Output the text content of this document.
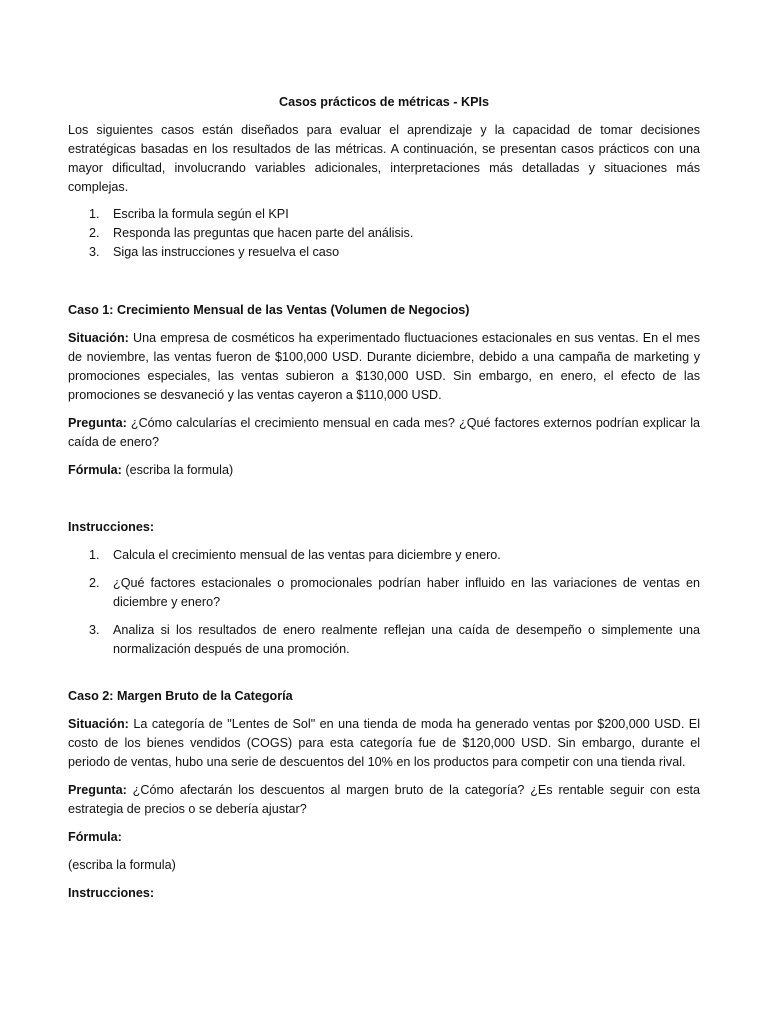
Casos prácticos de métricas - KPIs

Los siguientes casos están diseñados para evaluar el aprendizaje y la capacidad de tomar decisiones estratégicas basadas en los resultados de las métricas. A continuación, se presentan casos prácticos con una mayor dificultad, involucrando variables adicionales, interpretaciones más detalladas y situaciones más complejas.

1. Escriba la formula según el KPI
2. Responda las preguntas que hacen parte del análisis.
3. Siga las instrucciones y resuelva el caso
Caso 1: Crecimiento Mensual de las Ventas (Volumen de Negocios)

Situación: Una empresa de cosméticos ha experimentado fluctuaciones estacionales en sus ventas. En el mes de noviembre, las ventas fueron de $100,000 USD. Durante diciembre, debido a una campaña de marketing y promociones especiales, las ventas subieron a $130,000 USD. Sin embargo, en enero, el efecto de las promociones se desvaneció y las ventas cayeron a $110,000 USD.

Pregunta: ¿Cómo calcularías el crecimiento mensual en cada mes? ¿Qué factores externos podrían explicar la caída de enero?

Fórmula: (escriba la formula)

Instrucciones:
1. Calcula el crecimiento mensual de las ventas para diciembre y enero.
2. ¿Qué factores estacionales o promocionales podrían haber influido en las variaciones de ventas en diciembre y enero?
3. Analiza si los resultados de enero realmente reflejan una caída de desempeño o simplemente una normalización después de una promoción.
Caso 2: Margen Bruto de la Categoría

Situación: La categoría de "Lentes de Sol" en una tienda de moda ha generado ventas por $200,000 USD. El costo de los bienes vendidos (COGS) para esta categoría fue de $120,000 USD. Sin embargo, durante el periodo de ventas, hubo una serie de descuentos del 10% en los productos para competir con una tienda rival.

Pregunta: ¿Cómo afectarán los descuentos al margen bruto de la categoría? ¿Es rentable seguir con esta estrategia de precios o se debería ajustar?

Fórmula:

(escriba la formula)

Instrucciones:
